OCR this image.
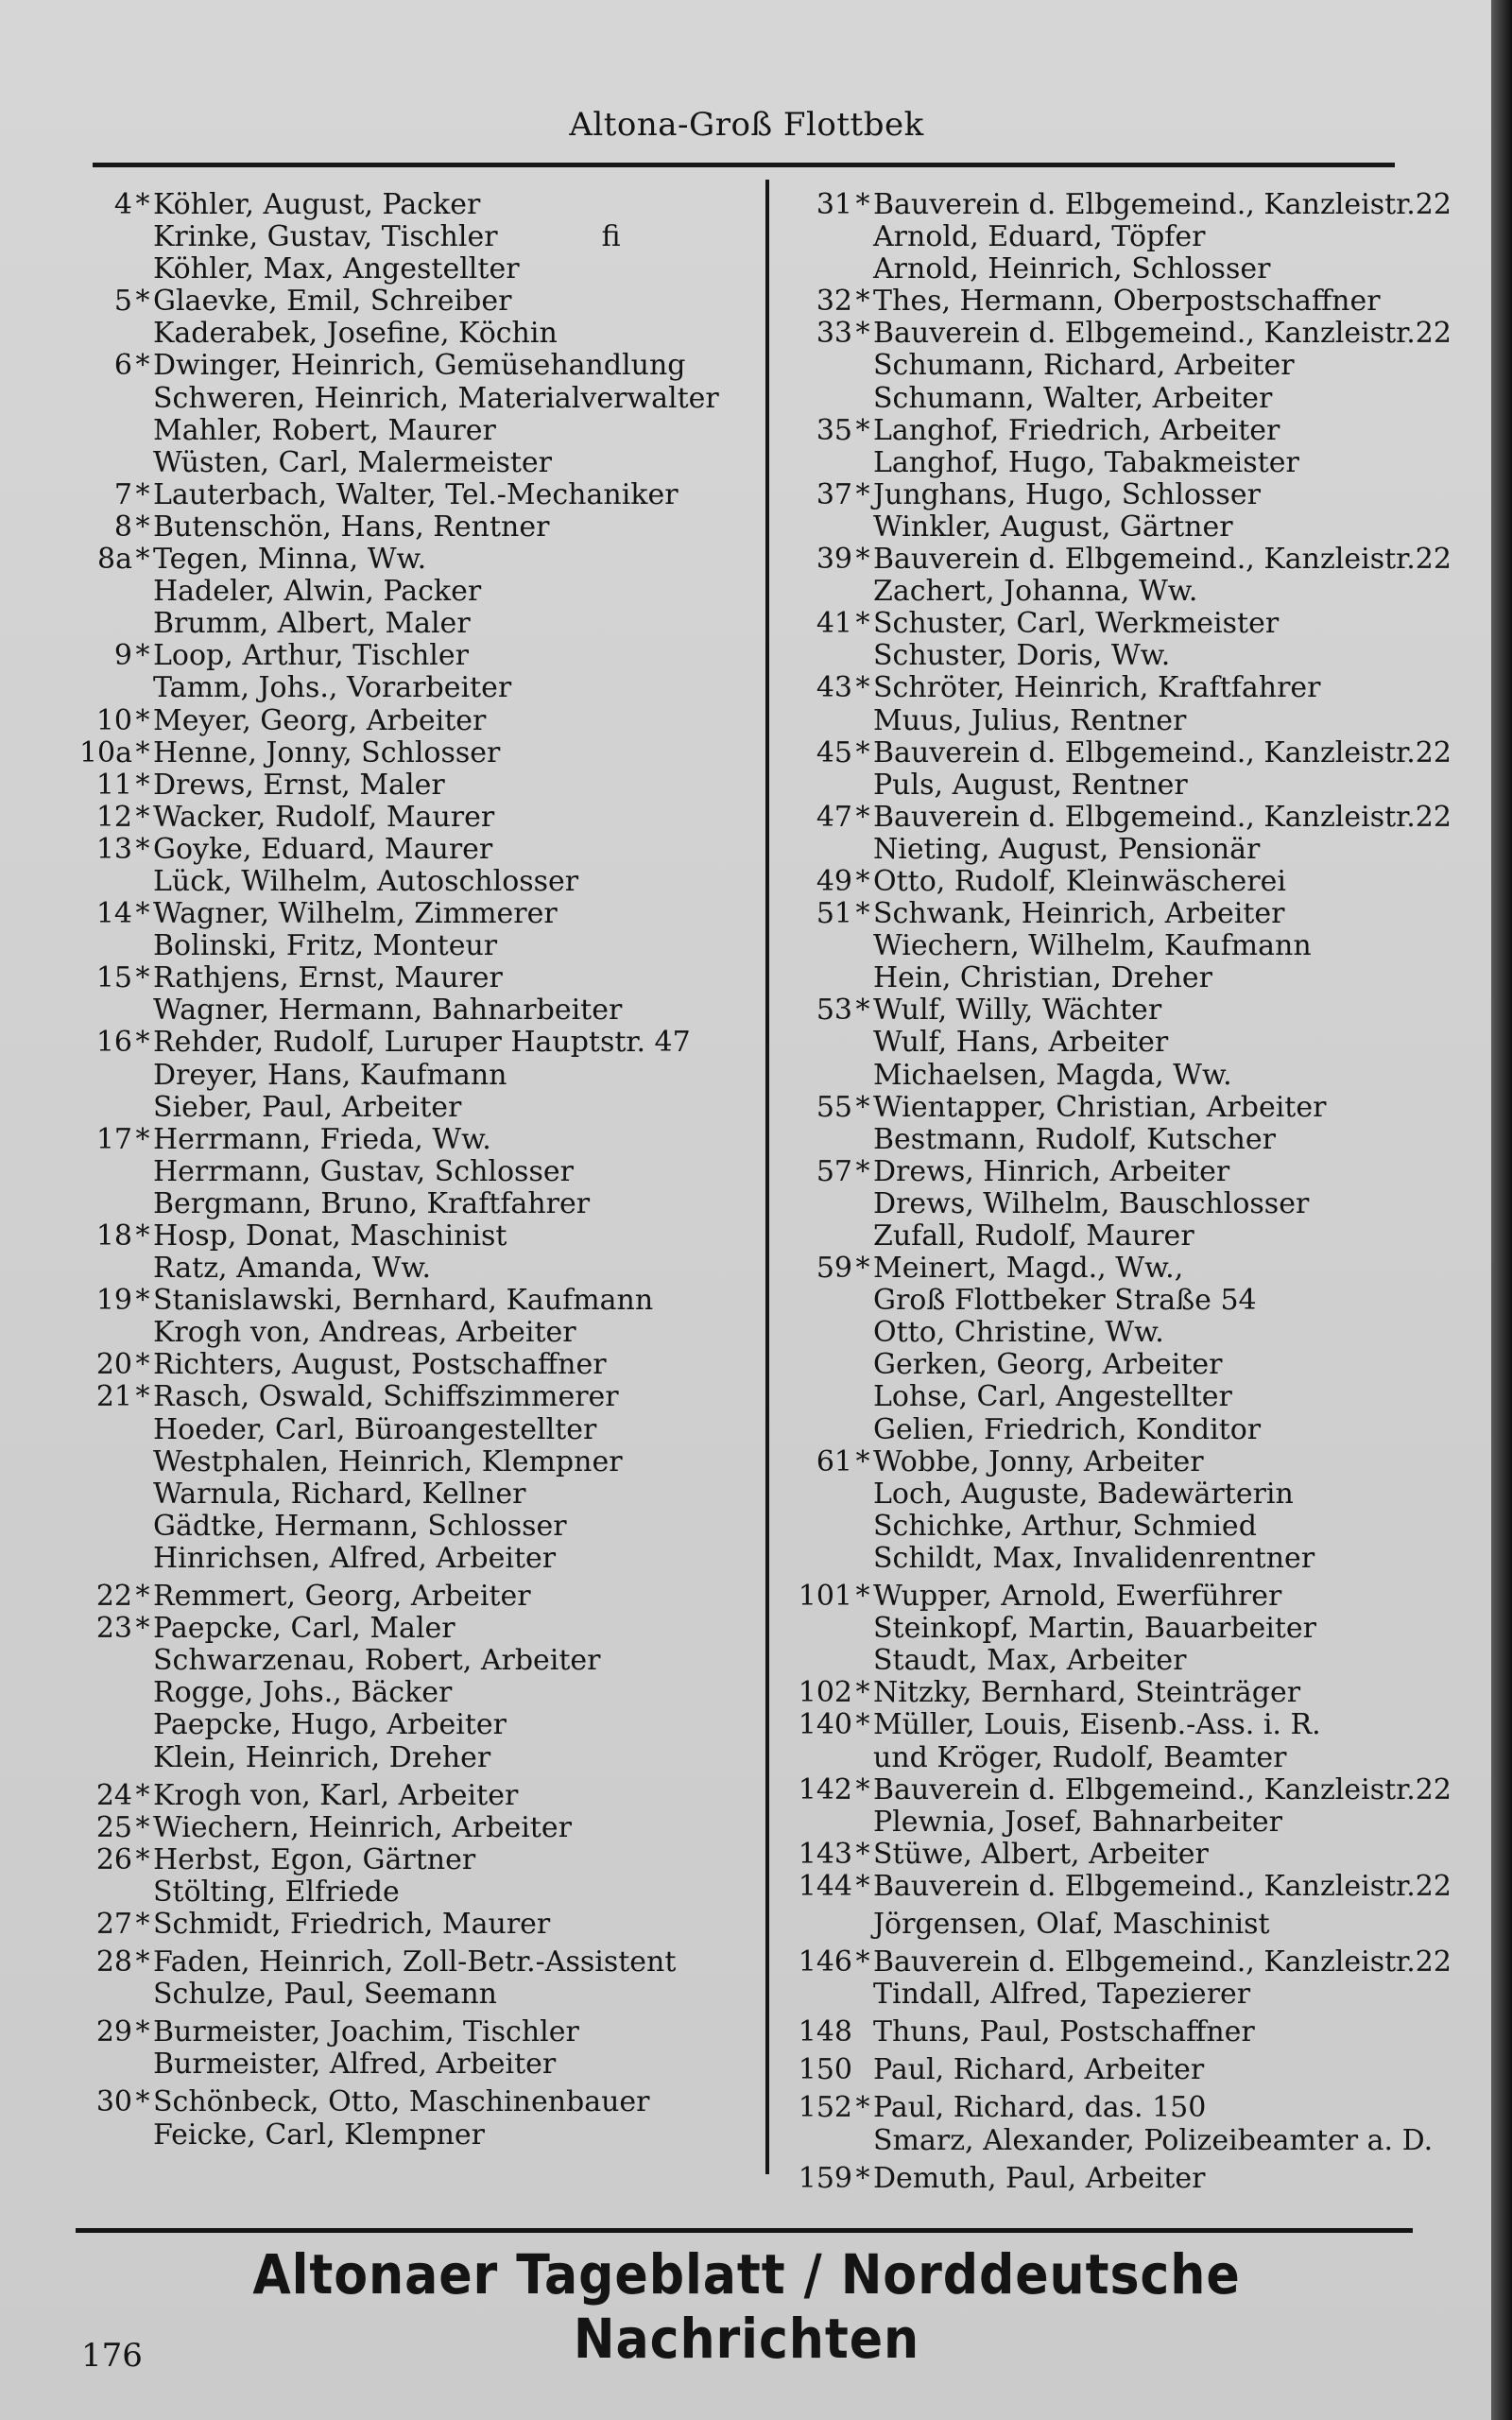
Altona-Groß Flottbek
4 * Köhler, August, Packer
Krinke, Gustav, Tischler	fi
Köhler, Max, Angestellter
5 * Glaevke, Emil, Schreiber
Kaderabek, Josefine, Köchin
6 * Dwinger, Heinrich, Gemüsehandlung
Schweren, Heinrich, Materialverwalter
Mahler, Robert, Maurer
Wüsten, Carl, Malermeister
7 * Lauterbach, Walter, Tel.-Mechaniker
8 * Butenschön, Hans, Rentner
8a * Tegen, Minna, Ww.
Hadeler, Alwin, Packer
Brumm, Albert, Maler
9 * Loop, Arthur, Tischler
Tamm, Johs., Vorarbeiter
10 * Meyer, Georg, Arbeiter
10a * Henne, Jonny, Schlosser
11 * Drews, Ernst, Maler
12 * Wacker, Rudolf, Maurer
13 * Goyke, Eduard, Maurer
Lück, Wilhelm, Autoschlosser
14 * Wagner, Wilhelm, Zimmerer
Bolinski, Fritz, Monteur
15 * Rathjens, Ernst, Maurer
Wagner, Hermann, Bahnarbeiter
16 * Rehder, Rudolf, Luruper Hauptstr. 47
Dreyer, Hans, Kaufmann
Sieber, Paul, Arbeiter
17 * Herrmann, Frieda, Ww.
Herrmann, Gustav, Schlosser
Bergmann, Bruno, Kraftfahrer
18 * Hosp, Donat, Maschinist
Ratz, Amanda, Ww.
19 * Stanislawski, Bernhard, Kaufmann
Krogh von, Andreas, Arbeiter
20 * Richters, August, Postschaffner
21 * Rasch, Oswald, Schiffszimmerer
Hoeder, Carl, Büroangestellter
Westphalen, Heinrich, Klempner
Warnula, Richard, Kellner
Gädtke, Hermann, Schlosser
Hinrichsen, Alfred, Arbeiter
22 * Remmert, Georg, Arbeiter
23 * Paepcke, Carl, Maler
Schwarzenau, Robert, Arbeiter
Rogge, Johs., Bäcker
Paepcke, Hugo, Arbeiter
Klein, Heinrich, Dreher
24 * Krogh von, Karl, Arbeiter
25 * Wiechern, Heinrich, Arbeiter
26 * Herbst, Egon, Gärtner
Stölting, Elfriede
27 * Schmidt, Friedrich, Maurer
28 * Faden, Heinrich, Zoll-Betr.-Assistent
Schulze, Paul, Seemann
29 * Burmeister, Joachim, Tischler
Burmeister, Alfred, Arbeiter
30 * Schönbeck, Otto, Maschinenbauer
Feicke, Carl, Klempner
31 * Bauverein d. Elbgemeind., Kanzleistr.22
Arnold, Eduard, Töpfer
Arnold, Heinrich, Schlosser
32 * Thes, Hermann, Oberpostschaffner
33 * Bauverein d. Elbgemeind., Kanzleistr.22
Schumann, Richard, Arbeiter
Schumann, Walter, Arbeiter
35 * Langhof, Friedrich, Arbeiter
Langhof, Hugo, Tabakmeister
37 * Junghans, Hugo, Schlosser
Winkler, August, Gärtner
39 * Bauverein d. Elbgemeind., Kanzleistr.22
Zachert, Johanna, Ww.
41 * Schuster, Carl, Werkmeister
Schuster, Doris, Ww.
43 * Schröter, Heinrich, Kraftfahrer
Muus, Julius, Rentner
45 * Bauverein d. Elbgemeind., Kanzleistr.22
Puls, August, Rentner
47 * Bauverein d. Elbgemeind., Kanzleistr.22
Nieting, August, Pensionär
49 * Otto, Rudolf, Kleinwäscherei
51 * Schwank, Heinrich, Arbeiter
Wiechern, Wilhelm, Kaufmann
Hein, Christian, Dreher
53 * Wulf, Willy, Wächter
Wulf, Hans, Arbeiter
Michaelsen, Magda, Ww.
55 * Wientapper, Christian, Arbeiter
Bestmann, Rudolf, Kutscher
57 * Drews, Hinrich, Arbeiter
Drews, Wilhelm, Bauschlosser
Zufall, Rudolf, Maurer
59 * Meinert, Magd., Ww.,
Groß Flottbeker Straße 54
Otto, Christine, Ww.
Gerken, Georg, Arbeiter
Lohse, Carl, Angestellter
Gelien, Friedrich, Konditor
61 * Wobbe, Jonny, Arbeiter
Loch, Auguste, Badewärterin
Schichke, Arthur, Schmied
Schildt, Max, Invalidenrentner
101 * Wupper, Arnold, Ewerführer
Steinkopf, Martin, Bauarbeiter
Staudt, Max, Arbeiter
102 * Nitzky, Bernhard, Steinträger
140 * Müller, Louis, Eisenb.-Ass. i. R.
und Kröger, Rudolf, Beamter
142 * Bauverein d. Elbgemeind., Kanzleistr.22
Plewnia, Josef, Bahnarbeiter
143 * Stüwe, Albert, Arbeiter
144 * Bauverein d. Elbgemeind., Kanzleistr.22
Jörgensen, Olaf, Maschinist
146 * Bauverein d. Elbgemeind., Kanzleistr.22
Tindall, Alfred, Tapezierer
148 Thuns, Paul, Postschaffner
150 Paul, Richard, Arbeiter
152 * Paul, Richard, das. 150
Smarz, Alexander, Polizeibeamter a. D.
159 * Demuth, Paul, Arbeiter
Altonaer Tageblatt / Norddeutsche Nachrichten
176
